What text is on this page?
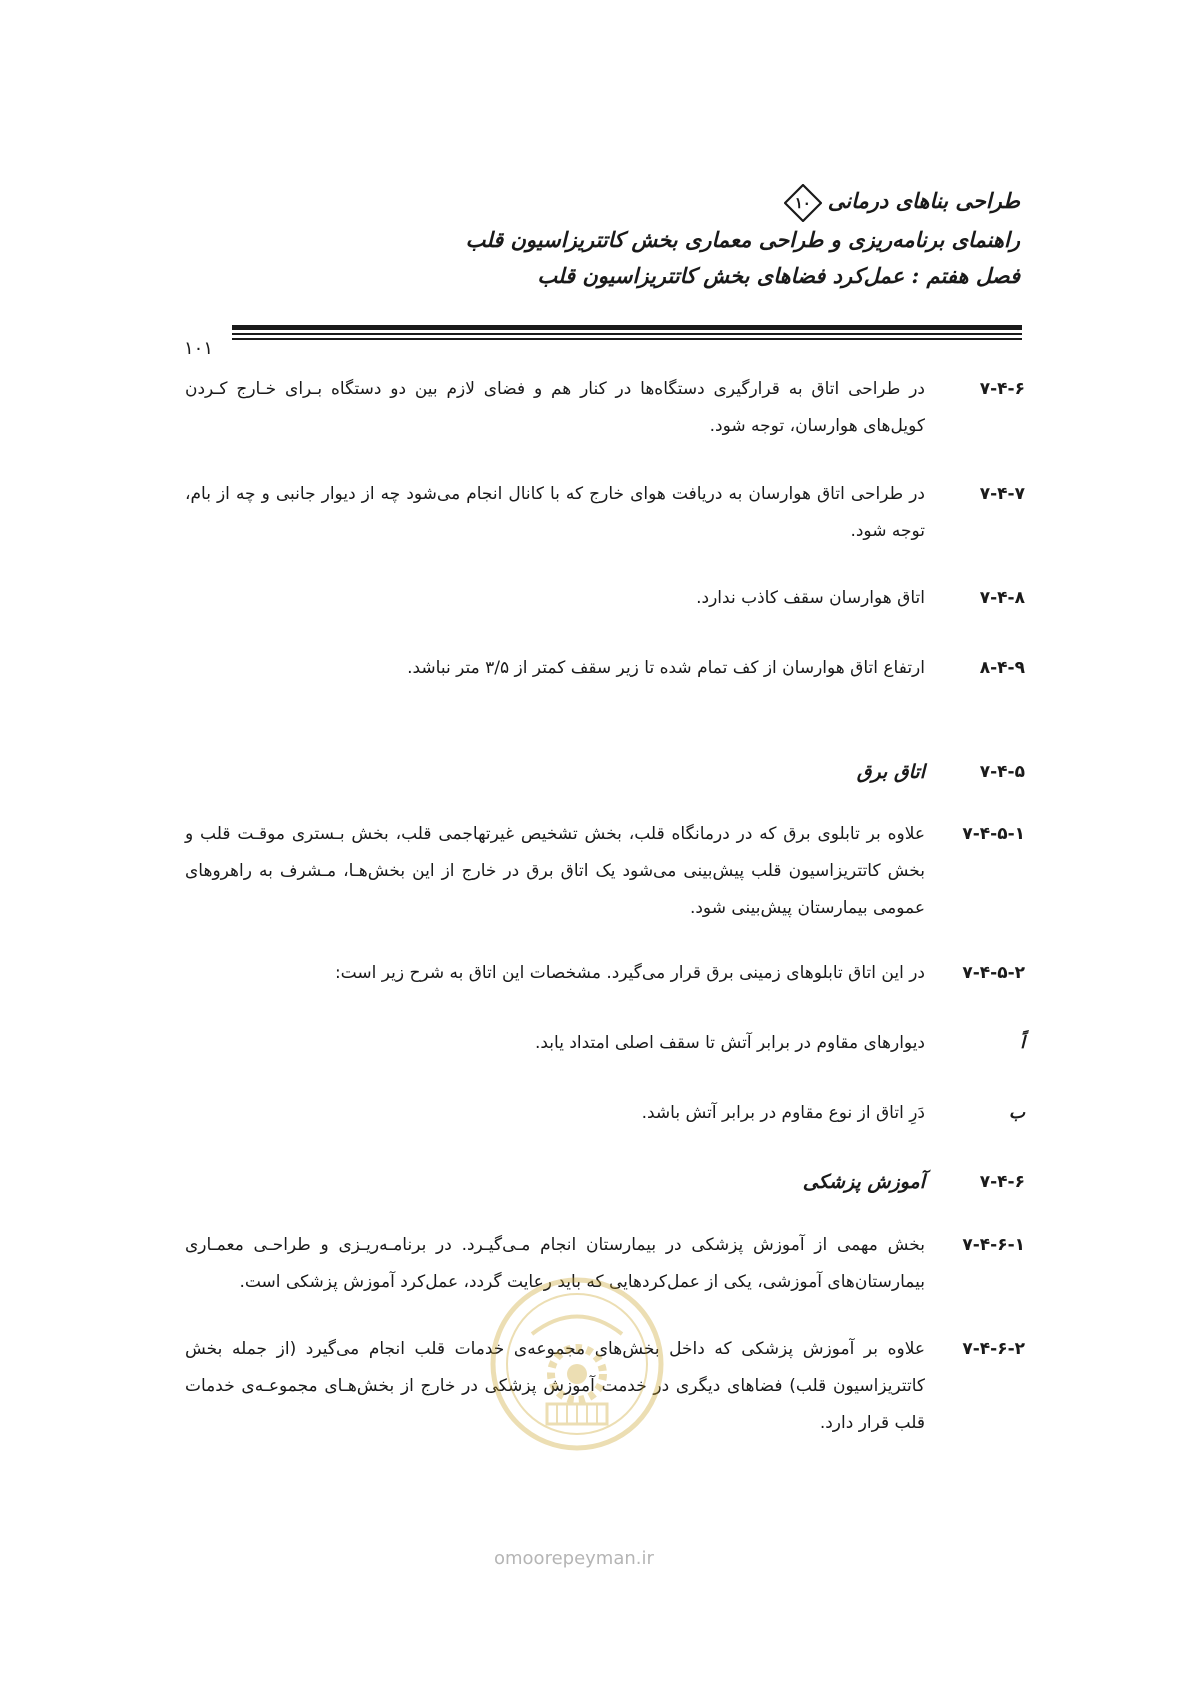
طراحی بناهای درمانی
۱۰
راهنمای برنامه‌ریزی و طراحی معماری بخش کاتتریزاسیون قلب
فصل هفتم : عمل‌کرد فضاهای بخش کاتتریزاسیون قلب
۱۰۱
۷-۴-۶
در طراحی اتاق به قرارگیری دستگاه‌ها در کنار هم و فضای لازم بین دو دستگاه بـرای خـارج کـردن کویل‌های هوارسان، توجه شود.
۷-۴-۷
در طراحی اتاق هوارسان به دریافت هوای خارج که با کانال انجام می‌شود چه از دیوار جانبی و چه از بام، توجه شود.
۷-۴-۸
اتاق هوارسان سقف کاذب ندارد.
۸-۴-۹
ارتفاع اتاق هوارسان از کف تمام شده تا زیر سقف کمتر از ۳/۵ متر نباشد.
۷-۴-۵
اتاق برق
۷-۴-۵-۱
علاوه بر تابلوی برق که در درمانگاه قلب، بخش تشخیص غیرتهاجمی قلب، بخش بـستری موقـت قلب و بخش کاتتریزاسیون قلب پیش‌بینی می‌شود یک اتاق برق در خارج از این بخش‌هـا، مـشرف به راهروهای عمومی بیمارستان پیش‌بینی شود.
۷-۴-۵-۲
در این اتاق تابلوهای زمینی برق قرار می‌گیرد. مشخصات این اتاق به شرح زیر است:
اً
دیوارهای مقاوم در برابر آتش تا سقف اصلی امتداد یابد.
ب
دَرِ اتاق از نوع مقاوم در برابر آتش باشد.
۷-۴-۶
آموزش پزشکی
۷-۴-۶-۱
بخش مهمی از آموزش پزشکی در بیمارستان انجام مـی‌گیـرد. در برنامـه‌ریـزی و طراحـی معمـاری بیمارستان‌های آموزشی، یکی از عمل‌کردهایی که باید رعایت گردد، عمل‌کرد آموزش پزشکی است.
۷-۴-۶-۲
علاوه بر آموزش پزشکی که داخل بخش‌های مجموعه‌ی خدمات قلب انجام می‌گیرد (از جمله بخش کاتتریزاسیون قلب) فضاهای دیگری در خدمت آموزش پزشکی در خارج از بخش‌هـای مجموعـه‌ی خدمات قلب قرار دارد.
omoorepeyman.ir
